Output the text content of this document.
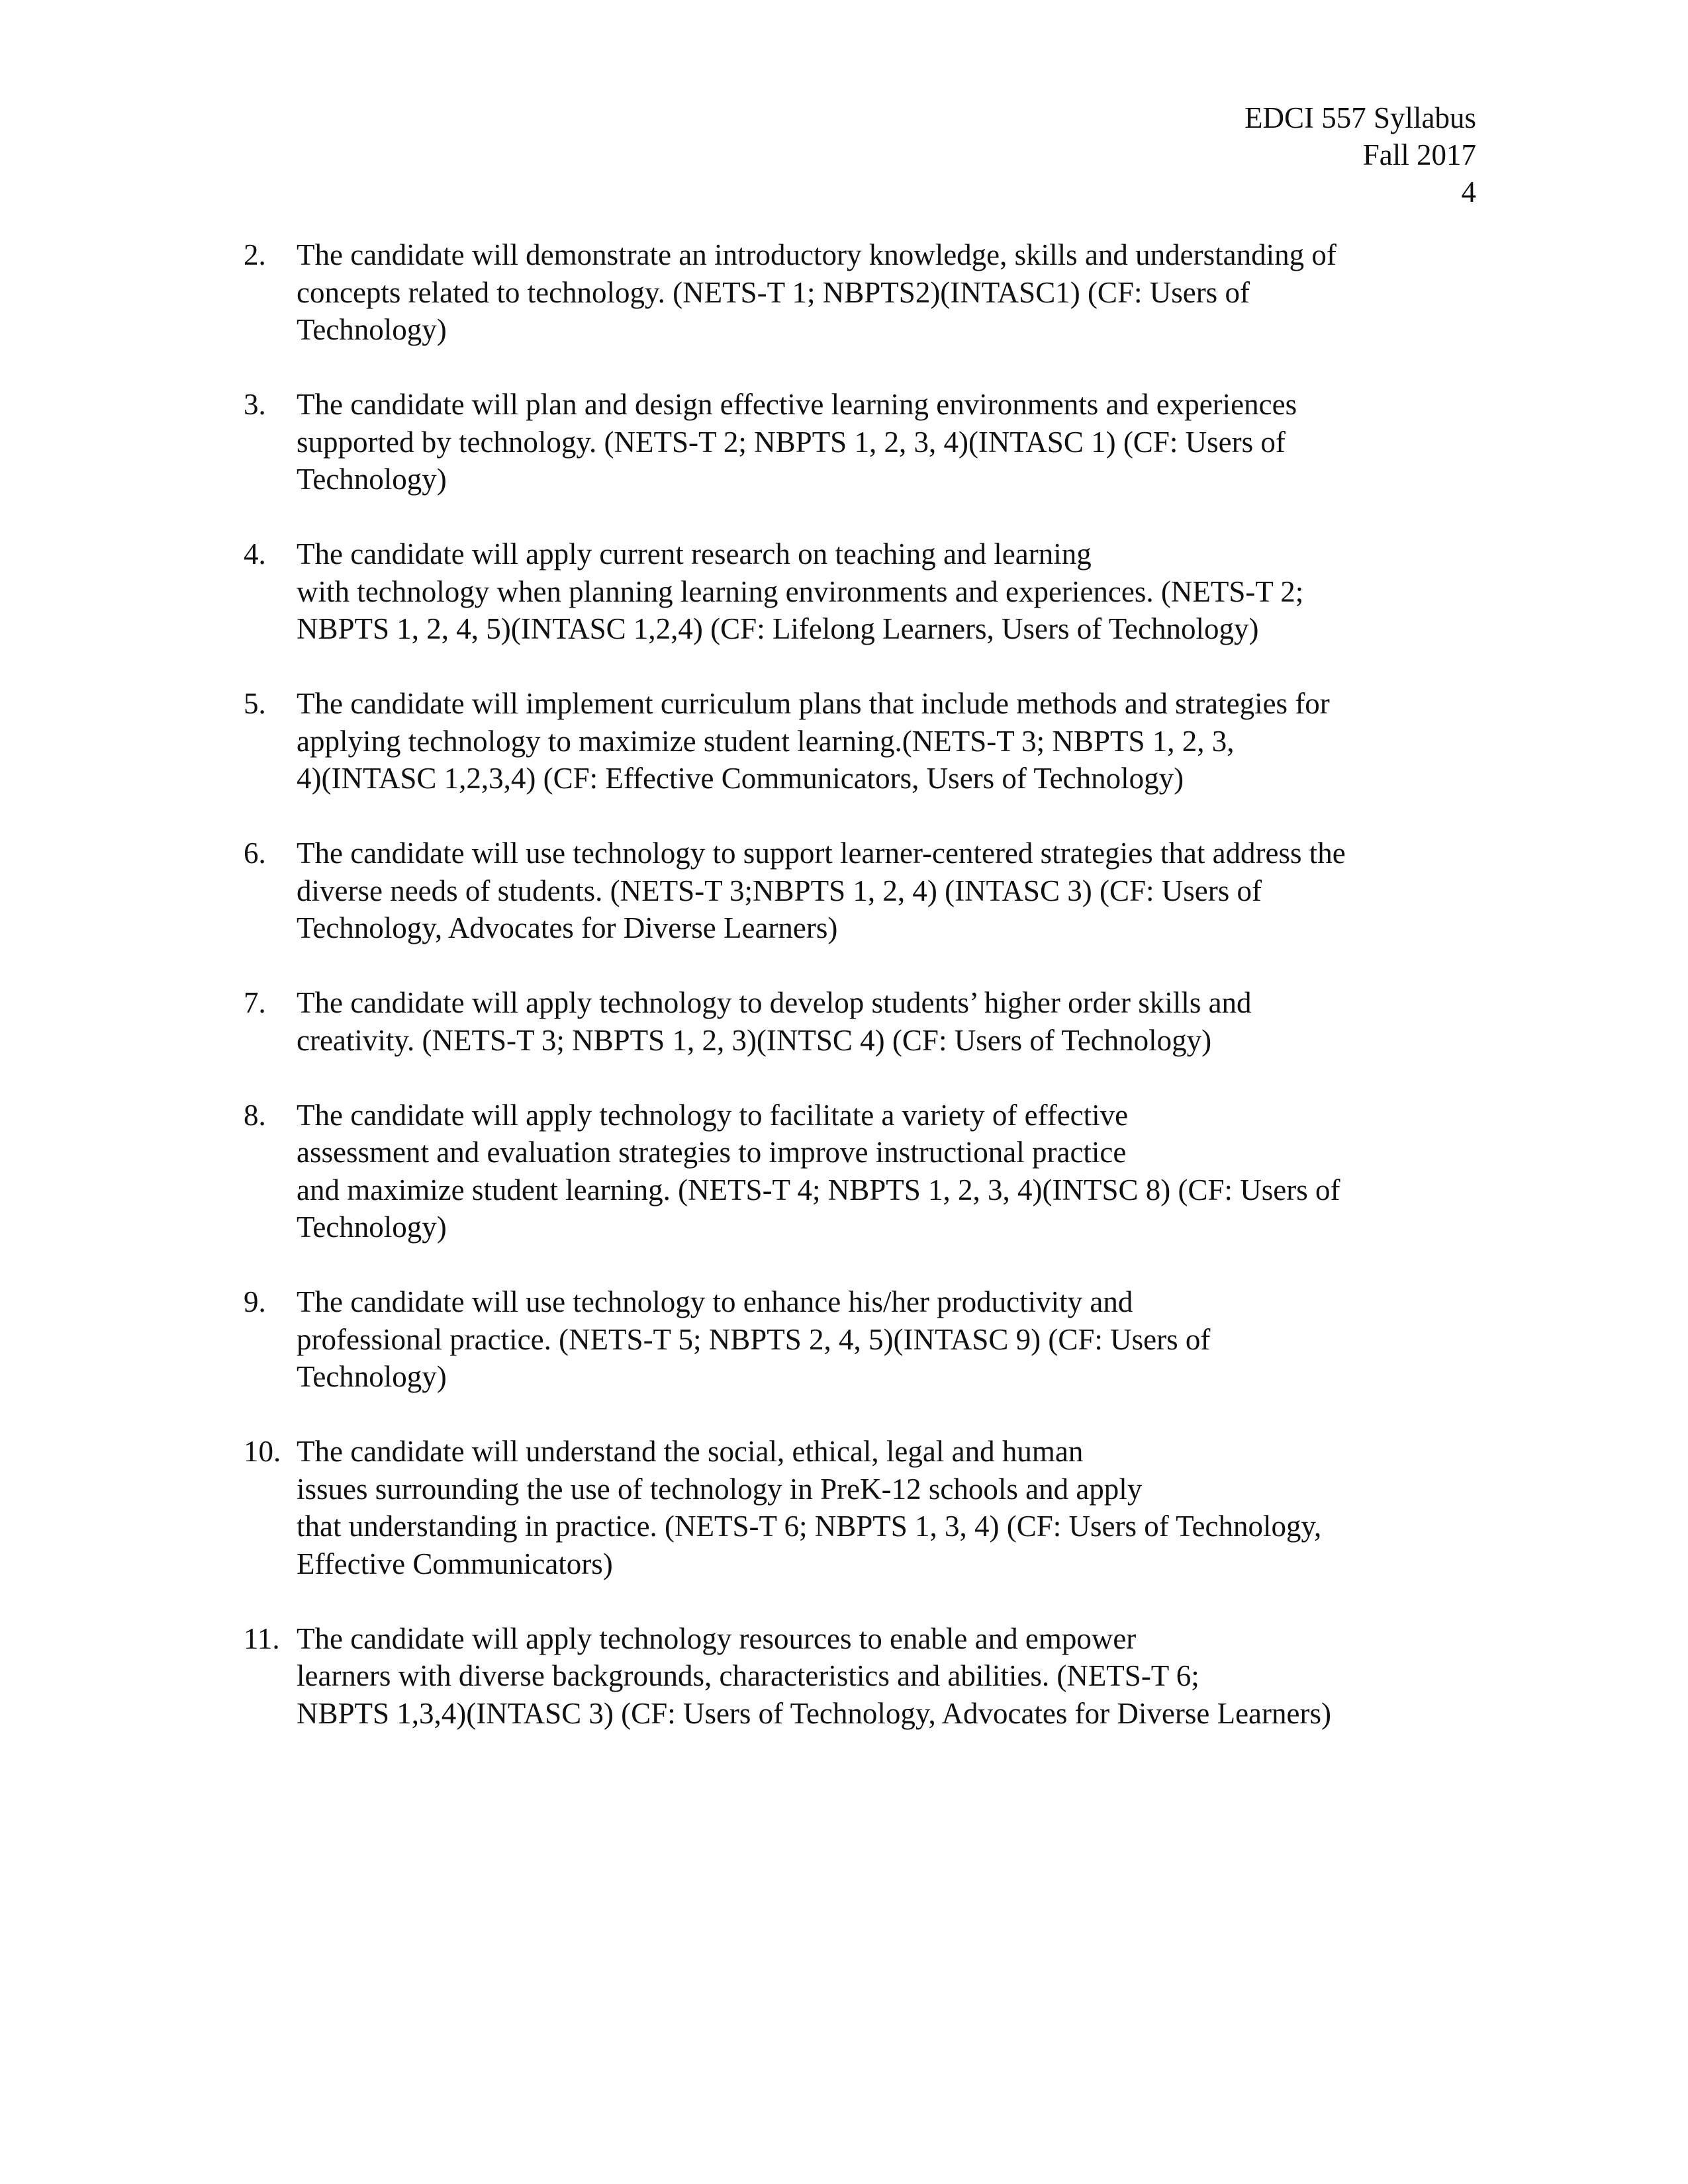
EDCI 557 Syllabus
Fall 2017
4
2.	The candidate will demonstrate an introductory knowledge, skills and understanding of
concepts related to technology. (NETS-T 1; NBPTS2)(INTASC1) (CF: Users of
Technology)
3.	The candidate will plan and design effective learning environments and experiences
supported by technology. (NETS-T 2; NBPTS 1, 2, 3, 4)(INTASC 1) (CF: Users of
Technology)
4.	The candidate will apply current research on teaching and learning
with technology when planning learning environments and experiences. (NETS-T 2;
NBPTS 1, 2, 4, 5)(INTASC 1,2,4) (CF: Lifelong Learners, Users of Technology)
5.	The candidate will implement curriculum plans that include methods and strategies for
applying technology to maximize student learning.(NETS-T 3; NBPTS 1, 2, 3,
4)(INTASC 1,2,3,4) (CF: Effective Communicators, Users of Technology)
6.	The candidate will use technology to support learner-centered strategies that address the
diverse needs of students. (NETS-T 3;NBPTS 1, 2, 4) (INTASC 3) (CF: Users of
Technology, Advocates for Diverse Learners)
7.	The candidate will apply technology to develop students’ higher order skills and
creativity. (NETS-T 3; NBPTS 1, 2, 3)(INTSC 4) (CF: Users of Technology)
8.	The candidate will apply technology to facilitate a variety of effective
assessment and evaluation strategies to improve instructional practice
and maximize student learning. (NETS-T 4; NBPTS 1, 2, 3, 4)(INTSC 8) (CF: Users of
Technology)
9.	The candidate will use technology to enhance his/her productivity and
professional practice. (NETS-T 5; NBPTS 2, 4, 5)(INTASC 9) (CF: Users of
Technology)
10. The candidate will understand the social, ethical, legal and human
issues surrounding the use of technology in PreK-12 schools and apply
that understanding in practice. (NETS-T 6; NBPTS 1, 3, 4) (CF: Users of Technology,
Effective Communicators)
11. The candidate will apply technology resources to enable and empower
learners with diverse backgrounds, characteristics and abilities. (NETS-T 6;
NBPTS 1,3,4)(INTASC 3) (CF: Users of Technology, Advocates for Diverse Learners)
